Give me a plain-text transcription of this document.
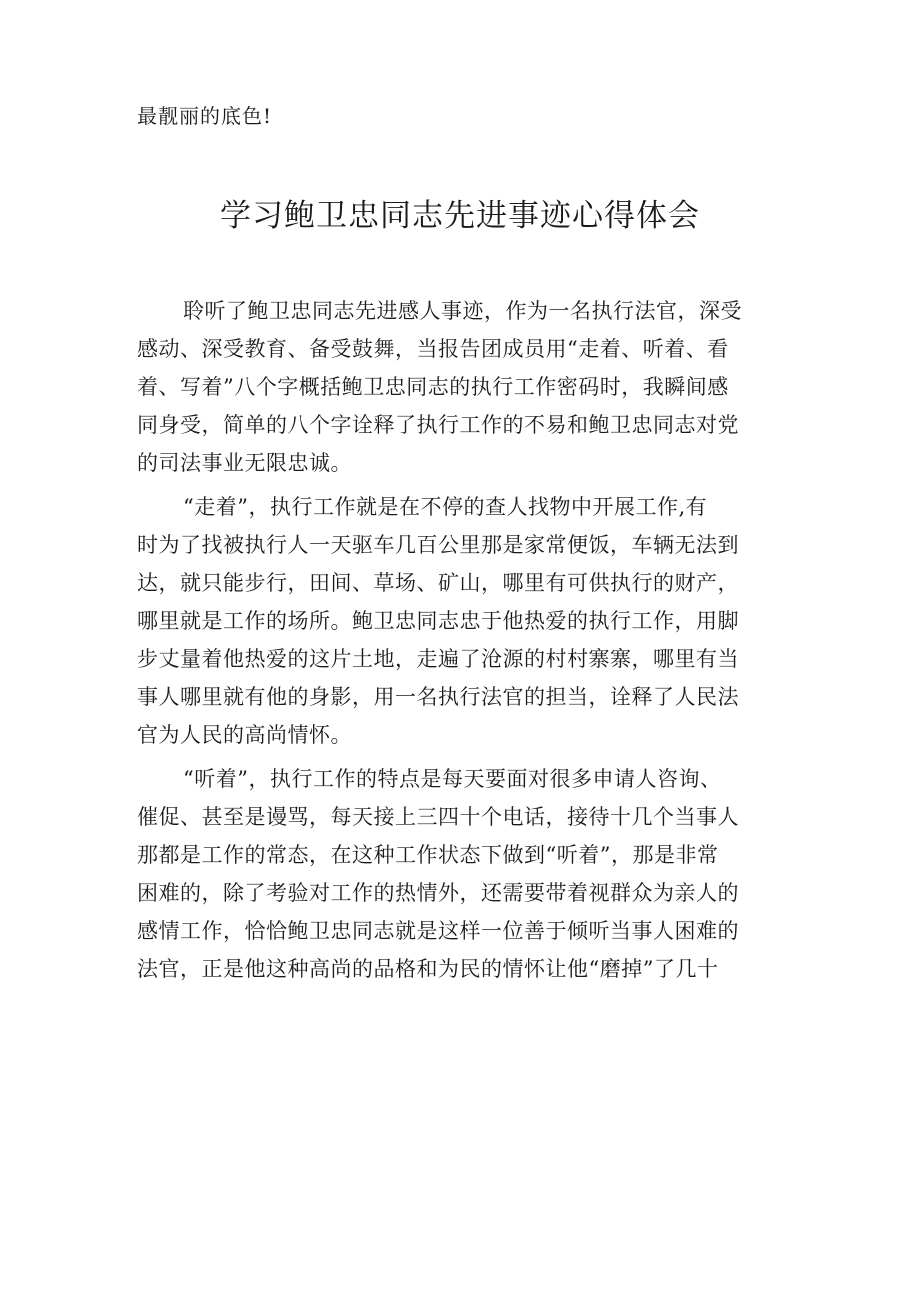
最靓丽的底色!
学习鲍卫忠同志先进事迹心得体会
聆听了鲍卫忠同志先进感人事迹，作为一名执行法官，深受
感动、深受教育、备受鼓舞，当报告团成员用“走着、听着、看
着、写着”八个字概括鲍卫忠同志的执行工作密码时，我瞬间感
同身受，简单的八个字诠释了执行工作的不易和鲍卫忠同志对党
的司法事业无限忠诚。
“走着”，执行工作就是在不停的查人找物中开展工作,有
时为了找被执行人一天驱车几百公里那是家常便饭，车辆无法到
达，就只能步行，田间、草场、矿山，哪里有可供执行的财产，
哪里就是工作的场所。鲍卫忠同志忠于他热爱的执行工作，用脚
步丈量着他热爱的这片土地，走遍了沧源的村村寨寨，哪里有当
事人哪里就有他的身影，用一名执行法官的担当，诠释了人民法
官为人民的高尚情怀。
“听着”，执行工作的特点是每天要面对很多申请人咨询、
催促、甚至是谩骂，每天接上三四十个电话，接待十几个当事人
那都是工作的常态，在这种工作状态下做到“听着”，那是非常
困难的，除了考验对工作的热情外，还需要带着视群众为亲人的
感情工作，恰恰鲍卫忠同志就是这样一位善于倾听当事人困难的
法官，正是他这种高尚的品格和为民的情怀让他“磨掉”了几十
